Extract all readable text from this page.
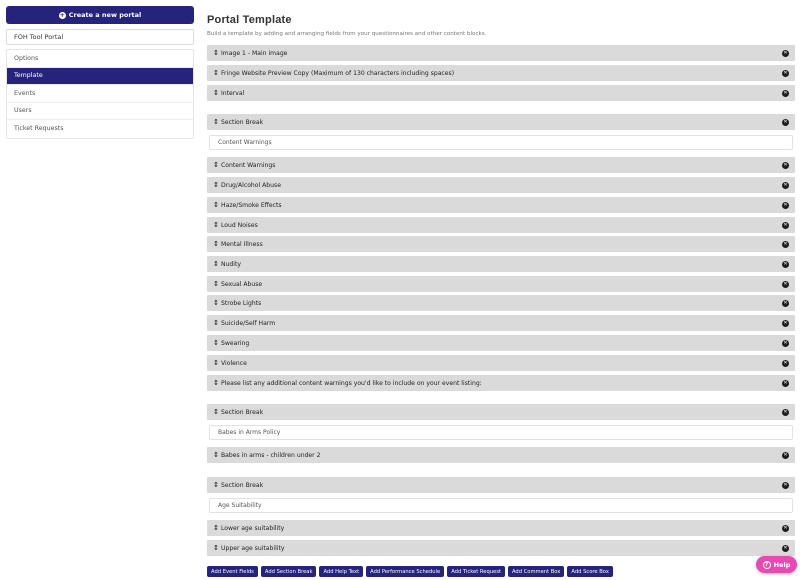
+ Create a new portal
FOH Tool Portal
Options
Template
Events
Users
Ticket Requests
Portal Template
Build a template by adding and arranging fields from your questionnaires and other content blocks.
↕ Image 1 - Main image	✕
↕ Fringe Website Preview Copy (Maximum of 130 characters including spaces)	✕
↕ Interval	✕
↕ Section Break	✕
Content Warnings
↕ Content Warnings	✕
↕ Drug/Alcohol Abuse	✕
↕ Haze/Smoke Effects	✕
↕ Loud Noises	✕
↕ Mental Illness	✕
↕ Nudity	✕
↕ Sexual Abuse	✕
↕ Strobe Lights	✕
↕ Suicide/Self Harm	✕
↕ Swearing	✕
↕ Violence	✕
↕ Please list any additional content warnings you'd like to include on your event listing:	✕
↕ Section Break	✕
Babes in Arms Policy
↕ Babes in arms - children under 2	✕
↕ Section Break	✕
Age Suitability
↕ Lower age suitability	✕
↕ Upper age suitability	✕
Add Event Fields	Add Section Break	Add Help Text	Add Performance Schedule	Add Ticket Request	Add Comment Box	Add Score Box
? Help
